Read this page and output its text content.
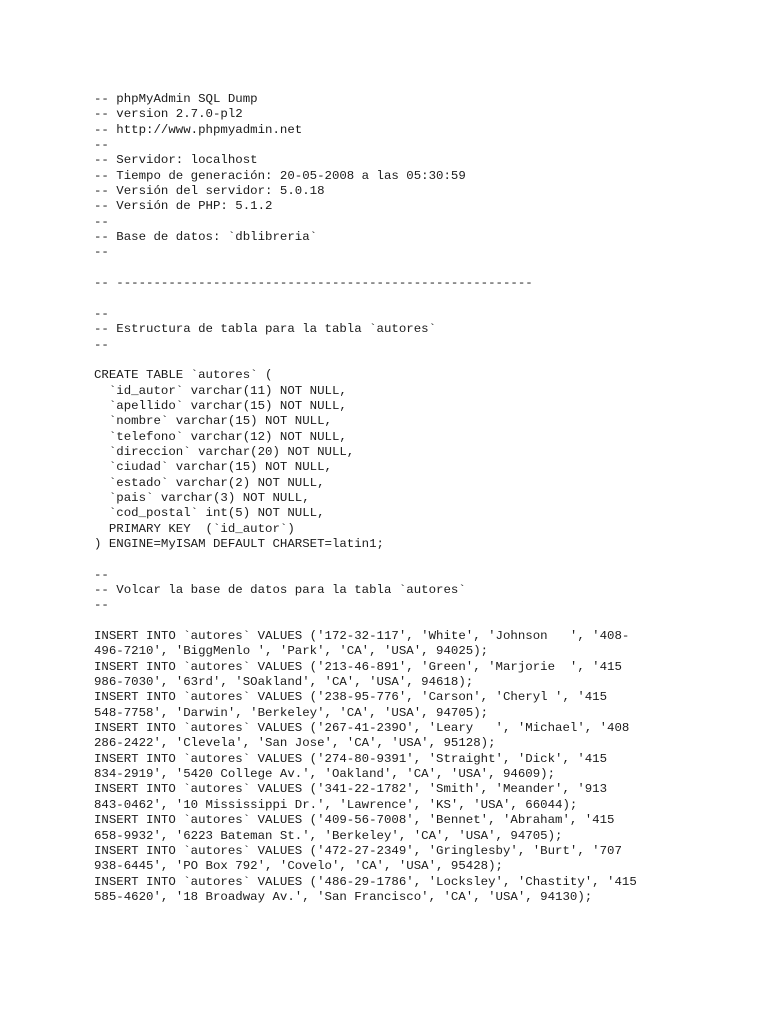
-- phpMyAdmin SQL Dump
-- version 2.7.0-pl2
-- http://www.phpmyadmin.net
--
-- Servidor: localhost
-- Tiempo de generación: 20-05-2008 a las 05:30:59
-- Versión del servidor: 5.0.18
-- Versión de PHP: 5.1.2
--
-- Base de datos: `dblibreria`
--
-- --------------------------------------------------------
--
-- Estructura de tabla para la tabla `autores`
--
CREATE TABLE `autores` (
`id_autor` varchar(11) NOT NULL,
`apellido` varchar(15) NOT NULL,
`nombre` varchar(15) NOT NULL,
`telefono` varchar(12) NOT NULL,
`direccion` varchar(20) NOT NULL,
`ciudad` varchar(15) NOT NULL,
`estado` varchar(2) NOT NULL,
`pais` varchar(3) NOT NULL,
`cod_postal` int(5) NOT NULL,
PRIMARY KEY  (`id_autor`)
) ENGINE=MyISAM DEFAULT CHARSET=latin1;
--
-- Volcar la base de datos para la tabla `autores`
--
INSERT INTO `autores` VALUES ('172-32-117', 'White', 'Johnson   ', '408-
496-7210', 'BiggMenlo ', 'Park', 'CA', 'USA', 94025);
INSERT INTO `autores` VALUES ('213-46-891', 'Green', 'Marjorie  ', '415
986-7030', '63rd', 'SOakland', 'CA', 'USA', 94618);
INSERT INTO `autores` VALUES ('238-95-776', 'Carson', 'Cheryl ', '415
548-7758', 'Darwin', 'Berkeley', 'CA', 'USA', 94705);
INSERT INTO `autores` VALUES ('267-41-239O', 'Leary   ', 'Michael', '408
286-2422', 'Clevela', 'San Jose', 'CA', 'USA', 95128);
INSERT INTO `autores` VALUES ('274-80-9391', 'Straight', 'Dick', '415
834-2919', '5420 College Av.', 'Oakland', 'CA', 'USA', 94609);
INSERT INTO `autores` VALUES ('341-22-1782', 'Smith', 'Meander', '913
843-0462', '10 Mississippi Dr.', 'Lawrence', 'KS', 'USA', 66044);
INSERT INTO `autores` VALUES ('409-56-7008', 'Bennet', 'Abraham', '415
658-9932', '6223 Bateman St.', 'Berkeley', 'CA', 'USA', 94705);
INSERT INTO `autores` VALUES ('472-27-2349', 'Gringlesby', 'Burt', '707
938-6445', 'PO Box 792', 'Covelo', 'CA', 'USA', 95428);
INSERT INTO `autores` VALUES ('486-29-1786', 'Locksley', 'Chastity', '415
585-4620', '18 Broadway Av.', 'San Francisco', 'CA', 'USA', 94130);
